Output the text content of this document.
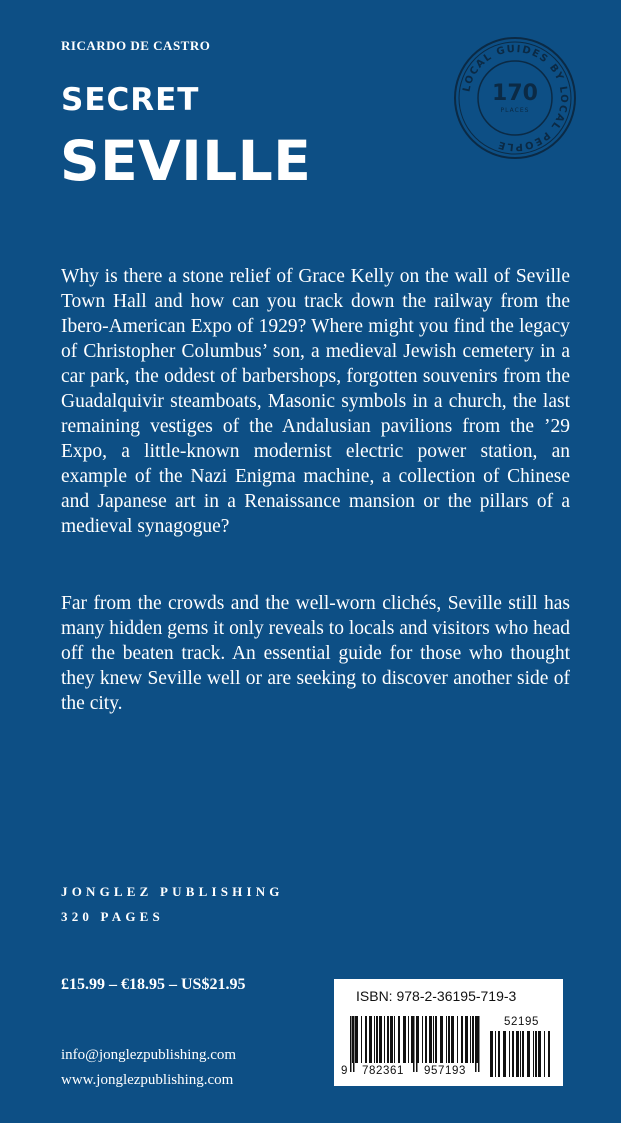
RICARDO DE CASTRO
SECRET
SEVILLE
LOCAL GUIDES BY LOCAL PEOPLE
170
PLACES

Why is there a stone relief of Grace Kelly on the wall of Seville Town Hall and how can you track down the railway from the Ibero-American Expo of 1929? Where might you find the legacy of Christopher Columbus’ son, a medieval Jewish cemetery in a car park, the oddest of barbershops, forgotten souvenirs from the Guadalquivir steamboats, Masonic symbols in a church, the last remaining vestiges of the Andalusian pavilions from the ’29 Expo, a little-known modernist electric power station, an example of the Nazi Enigma machine, a collection of Chinese and Japanese art in a Renaissance mansion or the pillars of a medieval synagogue?

Far from the crowds and the well-worn clichés, Seville still has many hidden gems it only reveals to locals and visitors who head off the beaten track. An essential guide for those who thought they knew Seville well or are seeking to discover another side of the city.

JONGLEZ PUBLISHING
320 PAGES
£15.99 – €18.95 – US$21.95
info@jonglezpublishing.com
www.jonglezpublishing.com
ISBN: 978-2-36195-719-3
9 782361 957193
52195
